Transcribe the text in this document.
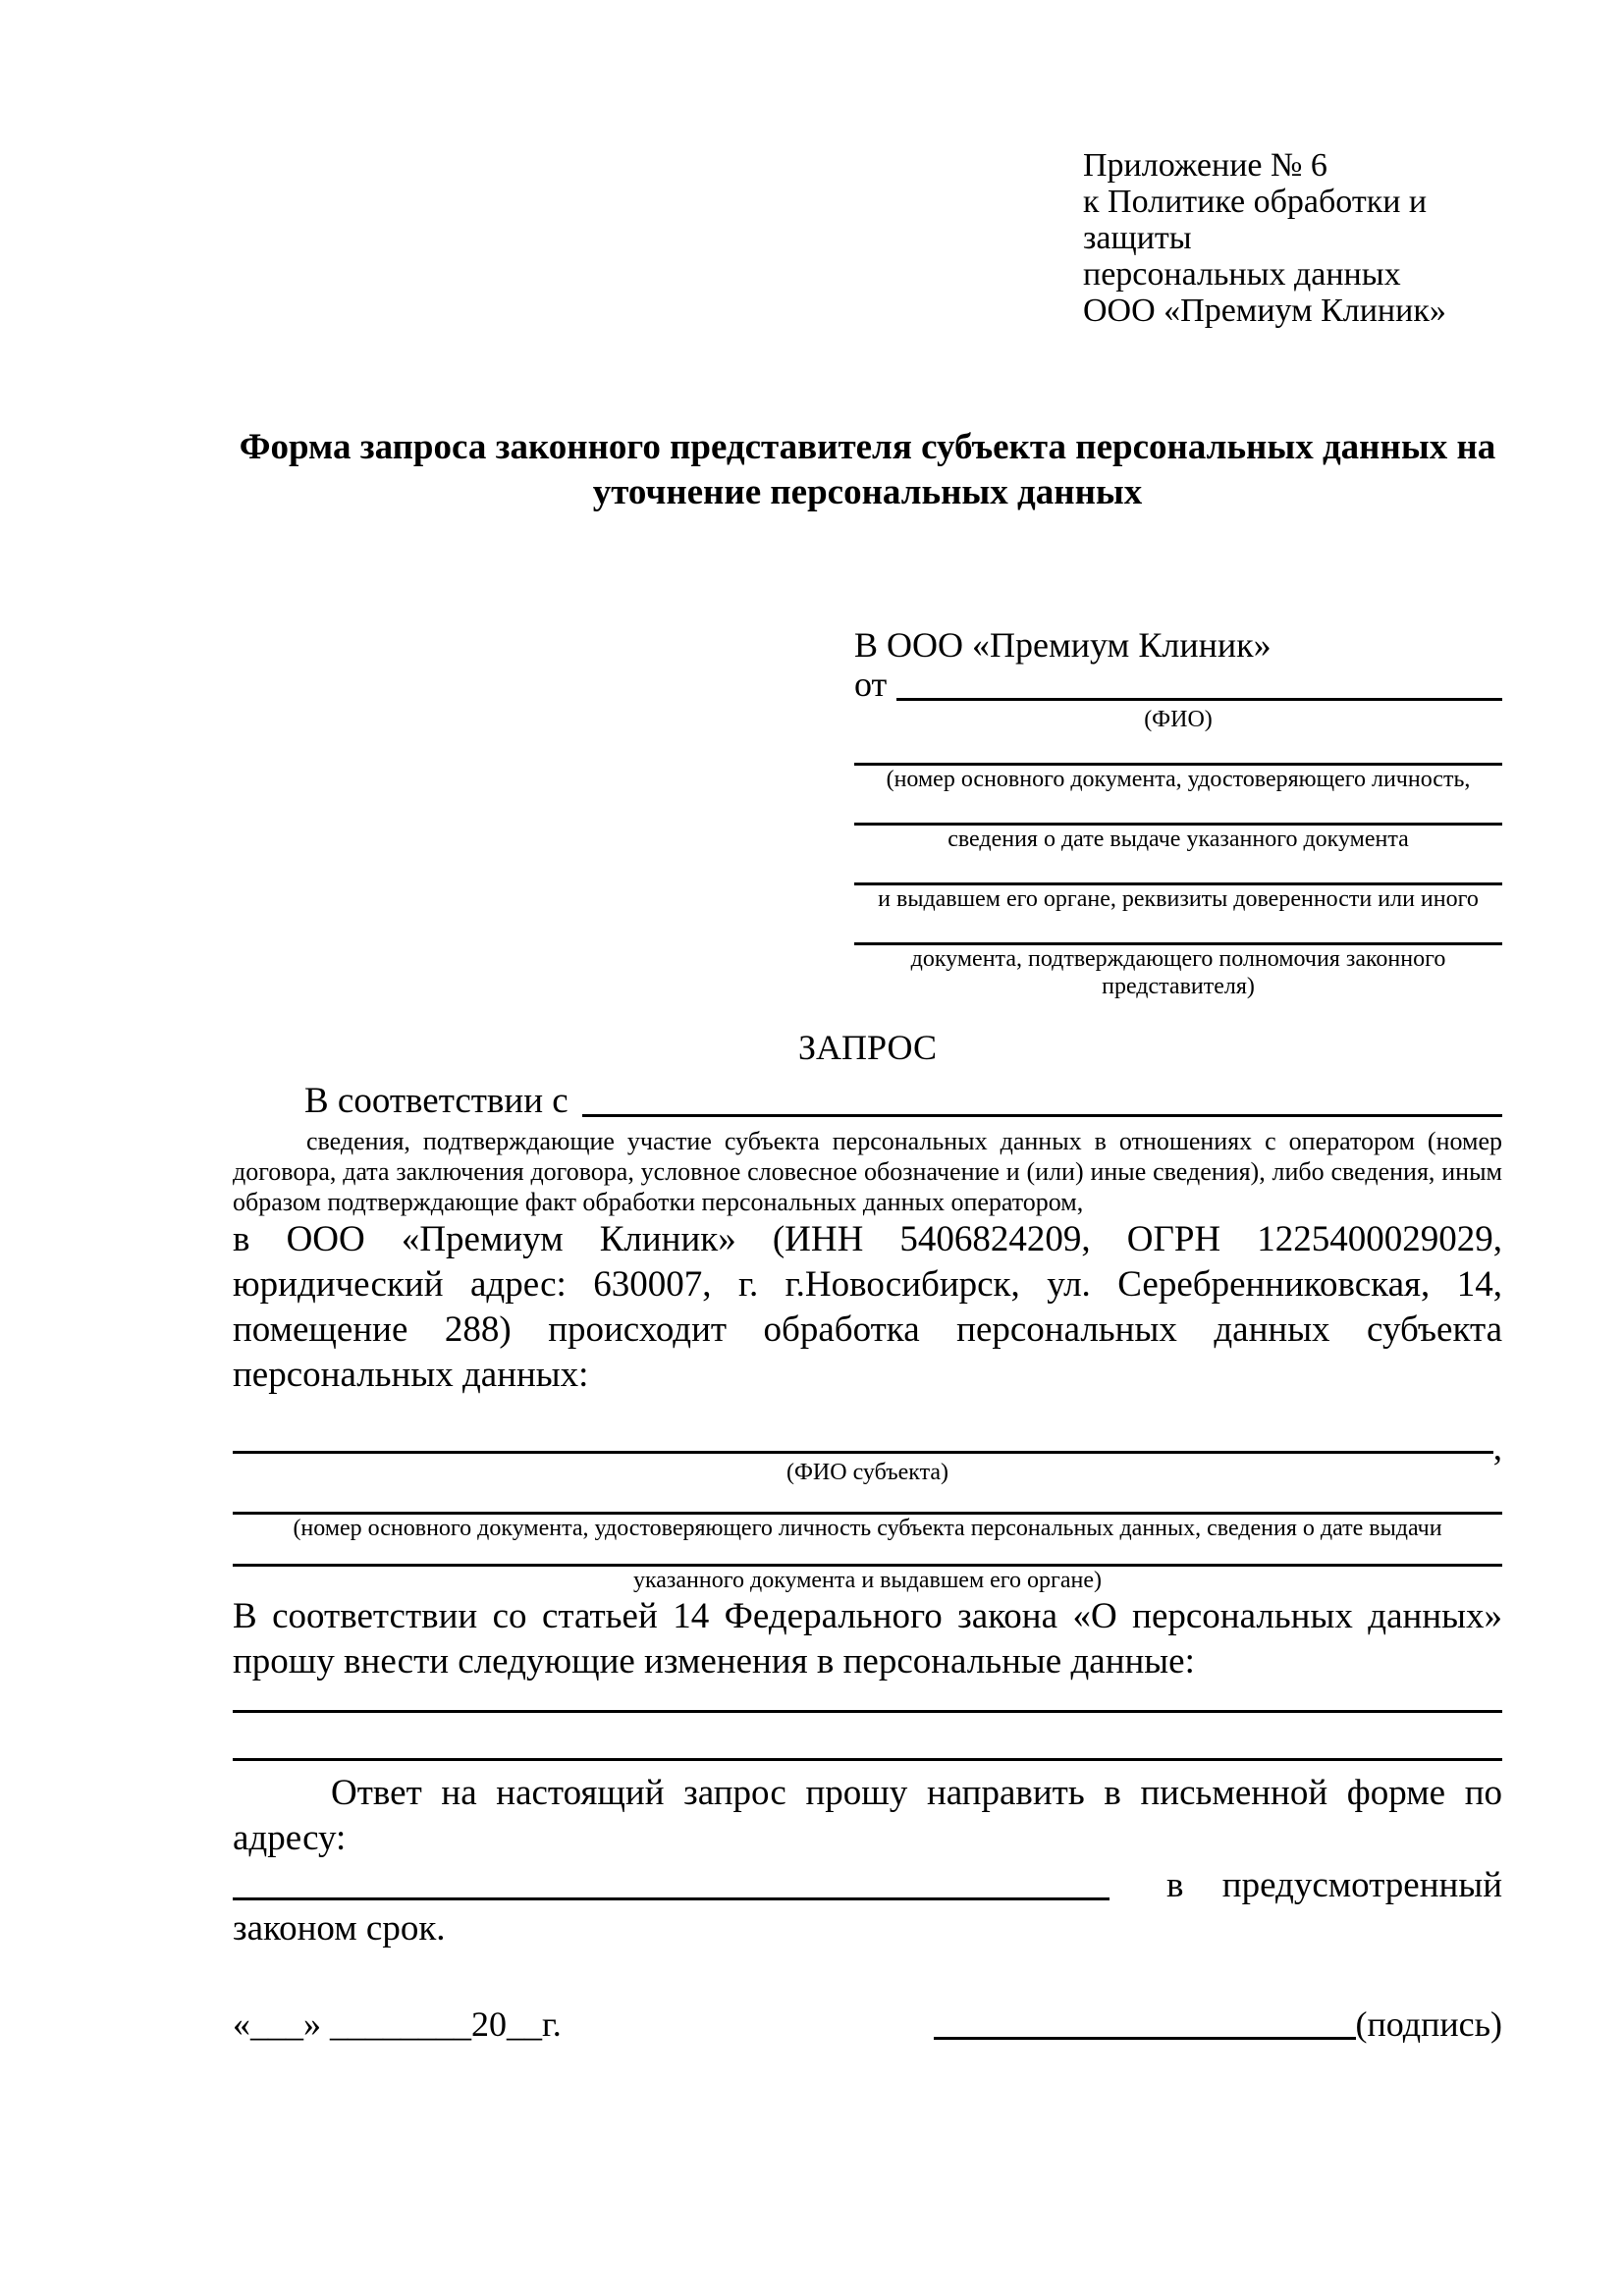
Приложение № 6

к Политике обработки и защиты

персональных данных

ООО «Премиум Клиник»

Форма запроса законного представителя субъекта персональных данных на уточнение персональных данных

В ООО «Премиум Клиник»

от
(ФИО)
(номер основного документа, удостоверяющего личность,
сведения о дате выдаче указанного документа
и выдавшем его органе, реквизиты доверенности или иного
документа, подтверждающего полномочия законного представителя)
ЗАПРОС
В соответствии с

сведения, подтверждающие участие субъекта персональных данных в отношениях с оператором (номер договора, дата заключения договора, условное словесное обозначение и (или) иные сведения), либо сведения, иным образом подтверждающие факт обработки персональных данных оператором,

в ООО «Премиум Клиник» (ИНН 5406824209, ОГРН 1225400029029, юридический адрес: 630007, г. г.Новосибирск, ул. Серебренниковская, 14, помещение 288) происходит обработка персональных данных субъекта персональных данных:

,
(ФИО субъекта)
(номер основного документа, удостоверяющего личность субъекта персональных данных, сведения о дате выдачи
указанного документа и выдавшем его органе)

В соответствии со статьей 14 Федерального закона «О персональных данных» прошу внести следующие изменения в персональные данные:

Ответ на настоящий запрос прошу направить в письменной форме по адресу:

в предусмотренный

законом срок.

«___» ________20__г.	(подпись)
